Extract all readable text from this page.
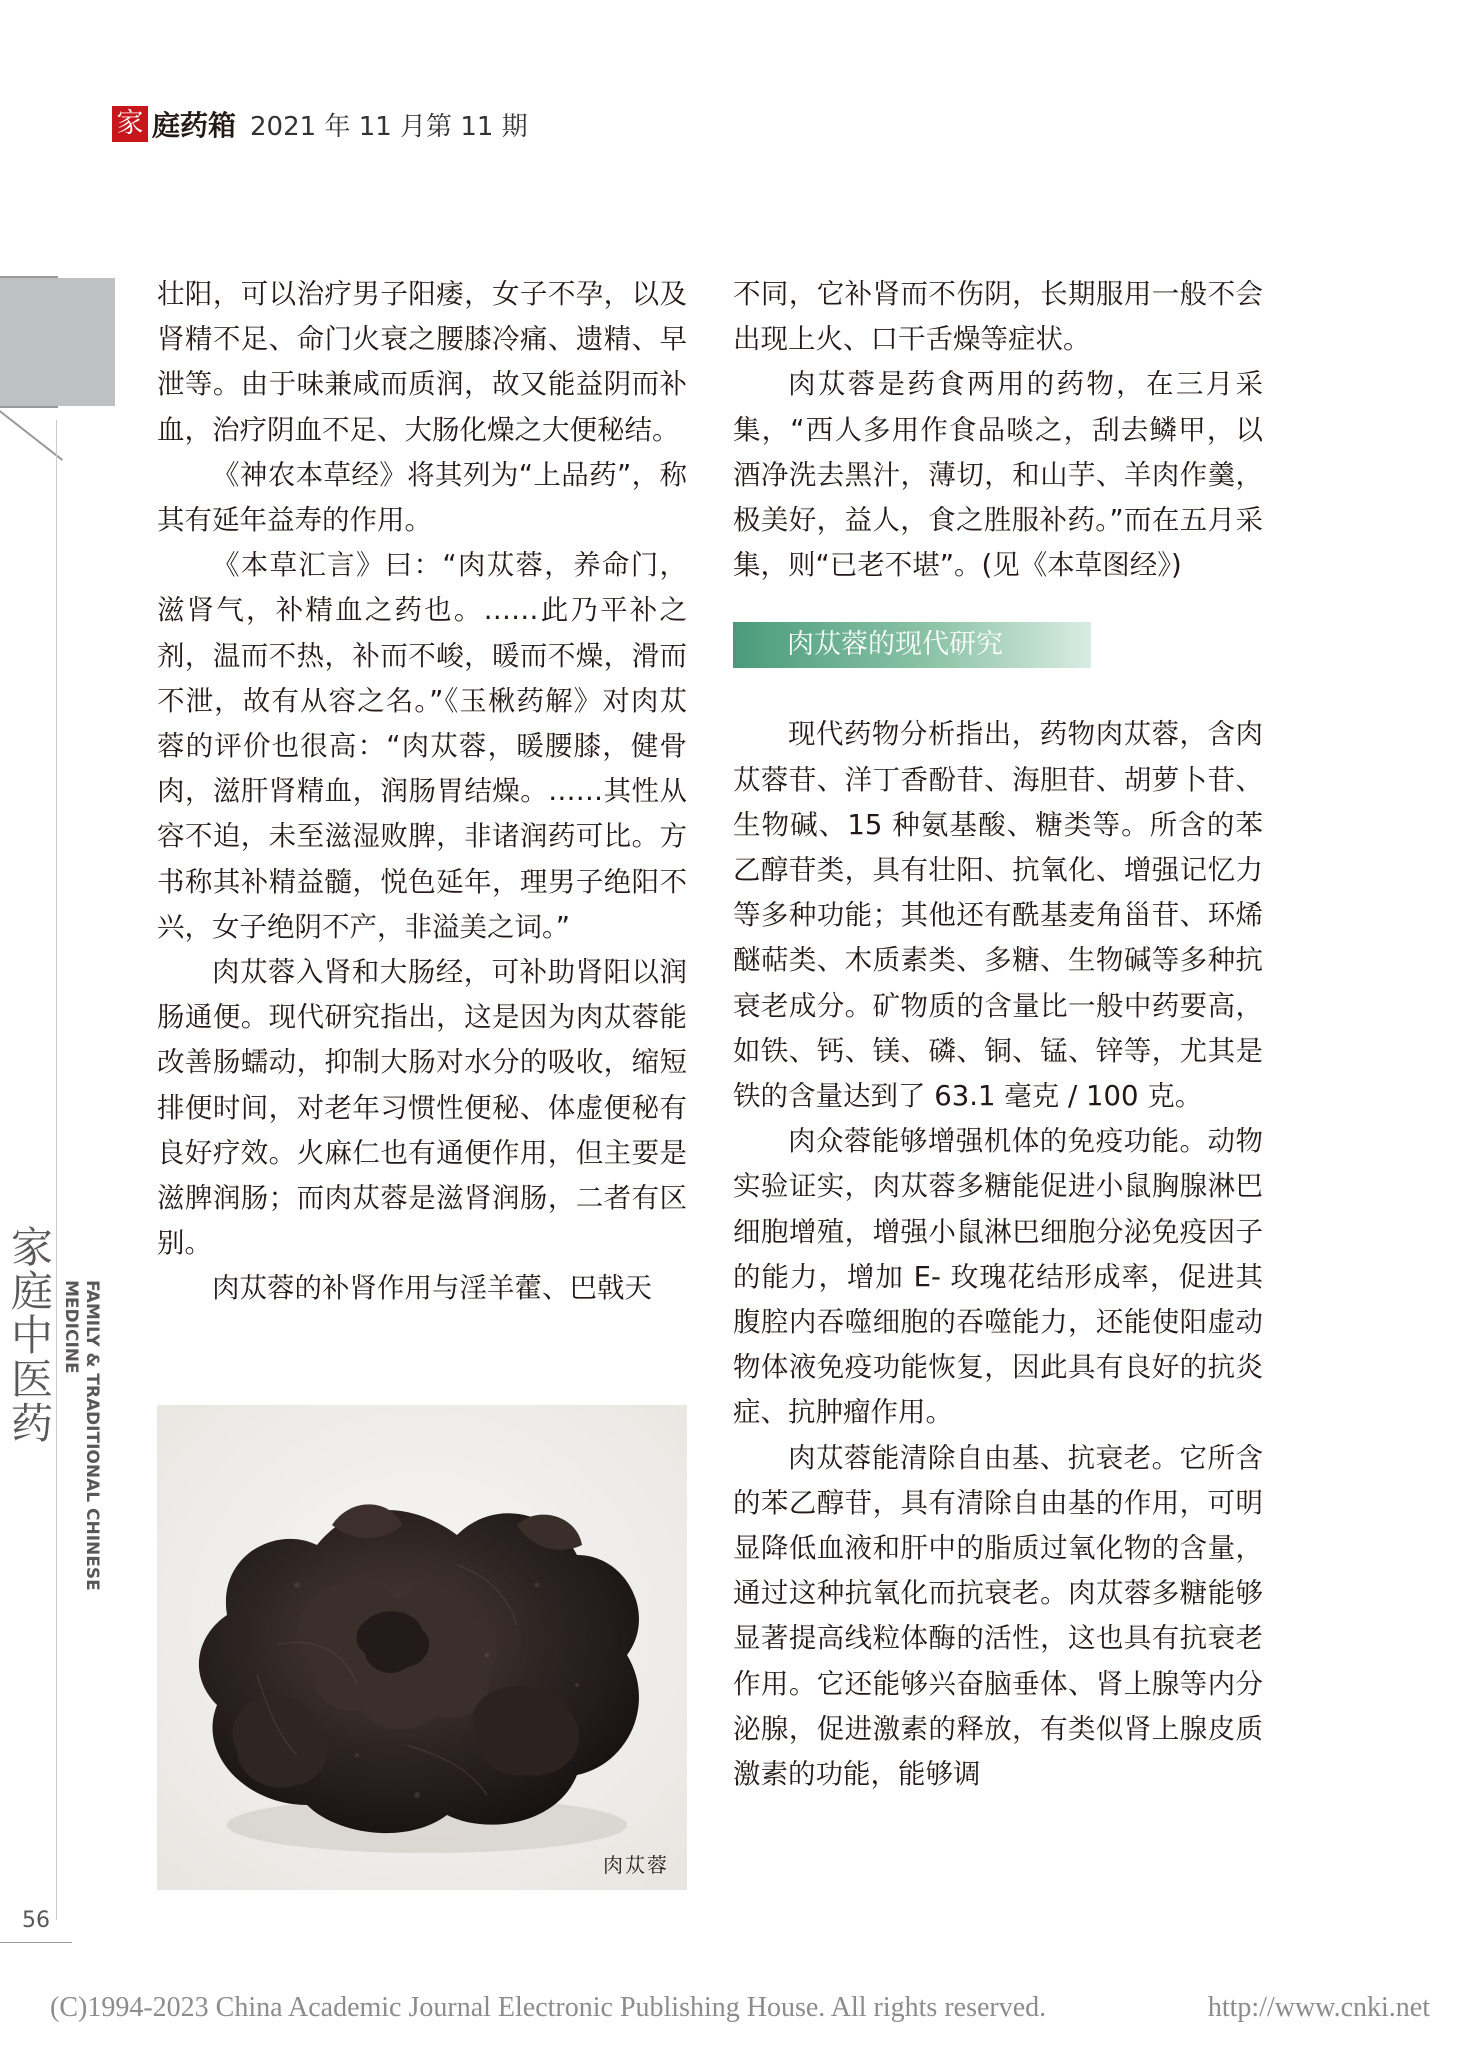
家 庭药箱 2021 年 11 月第 11 期
家庭中医药	FAMILY & TRADITIONAL CHINESE MEDICINE
56

壮阳，可以治疗男子阳痿，女子不孕，以及肾精不足、命门火衰之腰膝冷痛、遗精、早泄等。由于味兼咸而质润，故又能益阴而补血，治疗阴血不足、大肠化燥之大便秘结。

《神农本草经》将其列为“上品药”，称其有延年益寿的作用。

《本草汇言》曰：“肉苁蓉，养命门，滋肾气，补精血之药也。……此乃平补之剂，温而不热，补而不峻，暖而不燥，滑而不泄，故有从容之名。”《玉楸药解》对肉苁蓉的评价也很高：“肉苁蓉，暖腰膝，健骨肉，滋肝肾精血，润肠胃结燥。……其性从容不迫，未至滋湿败脾，非诸润药可比。方书称其补精益髓，悦色延年，理男子绝阳不兴，女子绝阴不产，非溢美之词。”

肉苁蓉入肾和大肠经，可补助肾阳以润肠通便。现代研究指出，这是因为肉苁蓉能改善肠蠕动，抑制大肠对水分的吸收，缩短排便时间，对老年习惯性便秘、体虚便秘有良好疗效。火麻仁也有通便作用，但主要是滋脾润肠；而肉苁蓉是滋肾润肠，二者有区别。

肉苁蓉的补肾作用与淫羊藿、巴戟天

肉苁蓉

不同，它补肾而不伤阴，长期服用一般不会出现上火、口干舌燥等症状。

肉苁蓉是药食两用的药物，在三月采集，“西人多用作食品啖之，刮去鳞甲，以酒净洗去黑汁，薄切，和山芋、羊肉作羹，极美好，益人，食之胜服补药。”而在五月采集，则“已老不堪”。(见《本草图经》)

肉苁蓉的现代研究

现代药物分析指出，药物肉苁蓉，含肉苁蓉苷、洋丁香酚苷、海胆苷、胡萝卜苷、生物碱、15 种氨基酸、糖类等。所含的苯乙醇苷类，具有壮阳、抗氧化、增强记忆力等多种功能；其他还有酰基麦角甾苷、环烯醚萜类、木质素类、多糖、生物碱等多种抗衰老成分。矿物质的含量比一般中药要高，如铁、钙、镁、磷、铜、锰、锌等，尤其是铁的含量达到了 63.1 毫克 / 100 克。

肉众蓉能够增强机体的免疫功能。动物实验证实，肉苁蓉多糖能促进小鼠胸腺淋巴细胞增殖，增强小鼠淋巴细胞分泌免疫因子的能力，增加 E- 玫瑰花结形成率，促进其腹腔内吞噬细胞的吞噬能力，还能使阳虚动物体液免疫功能恢复，因此具有良好的抗炎症、抗肿瘤作用。

肉苁蓉能清除自由基、抗衰老。它所含的苯乙醇苷，具有清除自由基的作用，可明显降低血液和肝中的脂质过氧化物的含量，通过这种抗氧化而抗衰老。肉苁蓉多糖能够显著提高线粒体酶的活性，这也具有抗衰老作用。它还能够兴奋脑垂体、肾上腺等内分泌腺，促进激素的释放，有类似肾上腺皮质激素的功能，能够调

(C)1994-2023 China Academic Journal Electronic Publishing House. All rights reserved.	http://www.cnki.net
